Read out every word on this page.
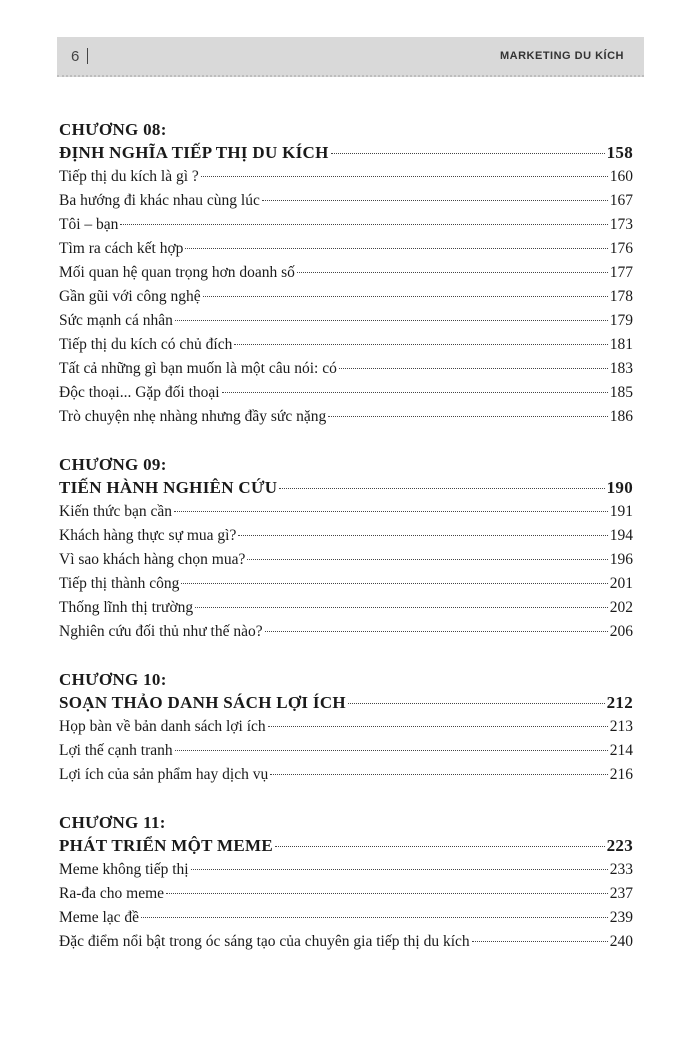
6	MARKETING DU KÍCH
CHƯƠNG 08:
ĐỊNH NGHĨA TIẾP THỊ DU KÍCH	158
Tiếp thị du kích là gì ?	160
Ba hướng đi khác nhau cùng lúc	167
Tôi – bạn	173
Tìm ra cách kết hợp	176
Mối quan hệ quan trọng hơn doanh số	177
Gần gũi với công nghệ	178
Sức mạnh cá nhân	179
Tiếp thị du kích có chủ đích	181
Tất cả những gì bạn muốn là một câu nói: có	183
Độc thoại... Gặp đối thoại	185
Trò chuyện nhẹ nhàng nhưng đầy sức nặng	186
CHƯƠNG 09:
TIẾN HÀNH NGHIÊN CỨU	190
Kiến thức bạn cần	191
Khách hàng thực sự mua gì?	194
Vì sao khách hàng chọn mua?	196
Tiếp thị thành công	201
Thống lĩnh thị trường	202
Nghiên cứu đối thủ như thế nào?	206
CHƯƠNG 10:
SOẠN THẢO DANH SÁCH LỢI ÍCH	212
Họp bàn về bản danh sách lợi ích	213
Lợi thế cạnh tranh	214
Lợi ích của sản phẩm hay dịch vụ	216
CHƯƠNG 11:
PHÁT TRIỂN MỘT MEME	223
Meme không tiếp thị	233
Ra-đa cho meme	237
Meme lạc đề	239
Đặc điểm nổi bật trong óc sáng tạo của chuyên gia tiếp thị du kích	240
